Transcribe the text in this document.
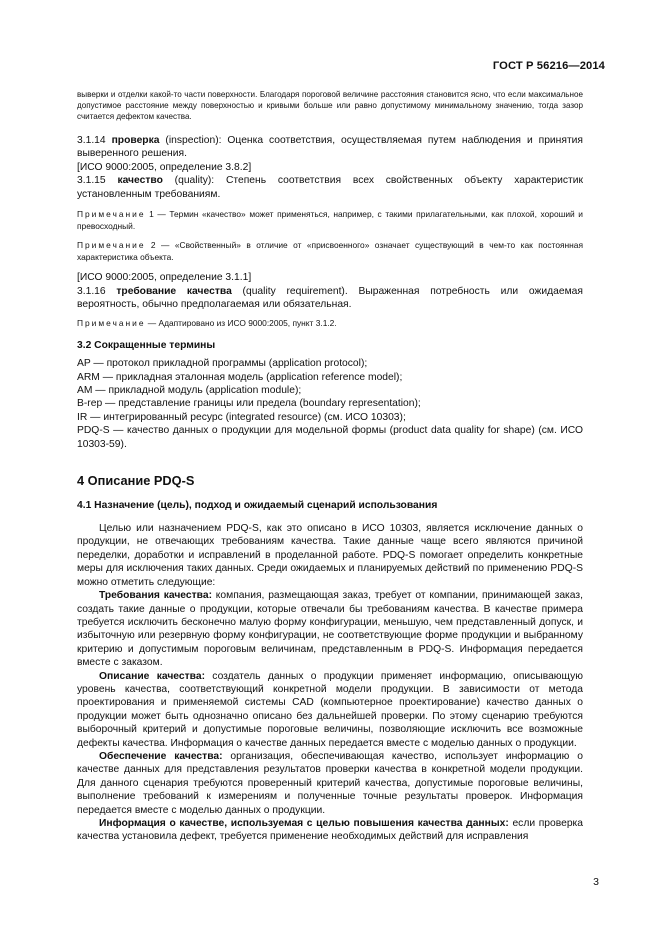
ГОСТ Р 56216—2014

выверки и отделки какой-то части поверхности. Благодаря пороговой величине расстояния становится ясно, что если максимальное допустимое расстояние между поверхностью и кривыми больше или равно допустимому минимальному значению, тогда зазор считается дефектом качества.

3.1.14 проверка (inspection): Оценка соответствия, осуществляемая путем наблюдения и принятия выверенного решения.

[ИСО 9000:2005, определение 3.8.2]

3.1.15 качество (quality): Степень соответствия всех свойственных объекту характеристик установленным требованиям.

Примечание 1 — Термин «качество» может применяться, например, с такими прилагательными, как плохой, хороший и превосходный.

Примечание 2 — «Свойственный» в отличие от «присвоенного» означает существующий в чем-то как постоянная характеристика объекта.

[ИСО 9000:2005, определение 3.1.1]

3.1.16 требование качества (quality requirement). Выраженная потребность или ожидаемая вероятность, обычно предполагаемая или обязательная.

Примечание — Адаптировано из ИСО 9000:2005, пункт 3.1.2.

3.2 Сокращенные термины

AP — протокол прикладной программы (application protocol);

ARM — прикладная эталонная модель (application reference model);

AM — прикладной модуль (application module);

B-rep — представление границы или предела (boundary representation);

IR — интегрированный ресурс (integrated resource) (см. ИСО 10303);

PDQ-S — качество данных о продукции для модельной формы (product data quality for shape) (см. ИСО 10303-59).

4 Описание PDQ-S

4.1 Назначение (цель), подход и ожидаемый сценарий использования

Целью или назначением PDQ-S, как это описано в ИСО 10303, является исключение данных о продукции, не отвечающих требованиям качества. Такие данные чаще всего являются причиной переделки, доработки и исправлений в проделанной работе. PDQ-S помогает определить конкретные меры для исключения таких данных. Среди ожидаемых и планируемых действий по применению PDQ-S можно отметить следующие:

Требования качества: компания, размещающая заказ, требует от компании, принимающей заказ, создать такие данные о продукции, которые отвечали бы требованиям качества. В качестве примера требуется исключить бесконечно малую форму конфигурации, меньшую, чем представленный допуск, и избыточную или резервную форму конфигурации, не соответствующие форме продукции и выбранному критерию и допустимым пороговым величинам, представленным в PDQ-S. Информация передается вместе с заказом.

Описание качества: создатель данных о продукции применяет информацию, описывающую уровень качества, соответствующий конкретной модели продукции. В зависимости от метода проектирования и применяемой системы CAD (компьютерное проектирование) качество данных о продукции может быть однозначно описано без дальнейшей проверки. По этому сценарию требуются выборочный критерий и допустимые пороговые величины, позволяющие исключить все возможные дефекты качества. Информация о качестве данных передается вместе с моделью данных о продукции.

Обеспечение качества: организация, обеспечивающая качество, использует информацию о качестве данных для представления результатов проверки качества в конкретной модели продукции. Для данного сценария требуются проверенный критерий качества, допустимые пороговые величины, выполнение требований к измерениям и полученные точные результаты проверок. Информация передается вместе с моделью данных о продукции.

Информация о качестве, используемая с целью повышения качества данных: если проверка качества установила дефект, требуется применение необходимых действий для исправления

3
